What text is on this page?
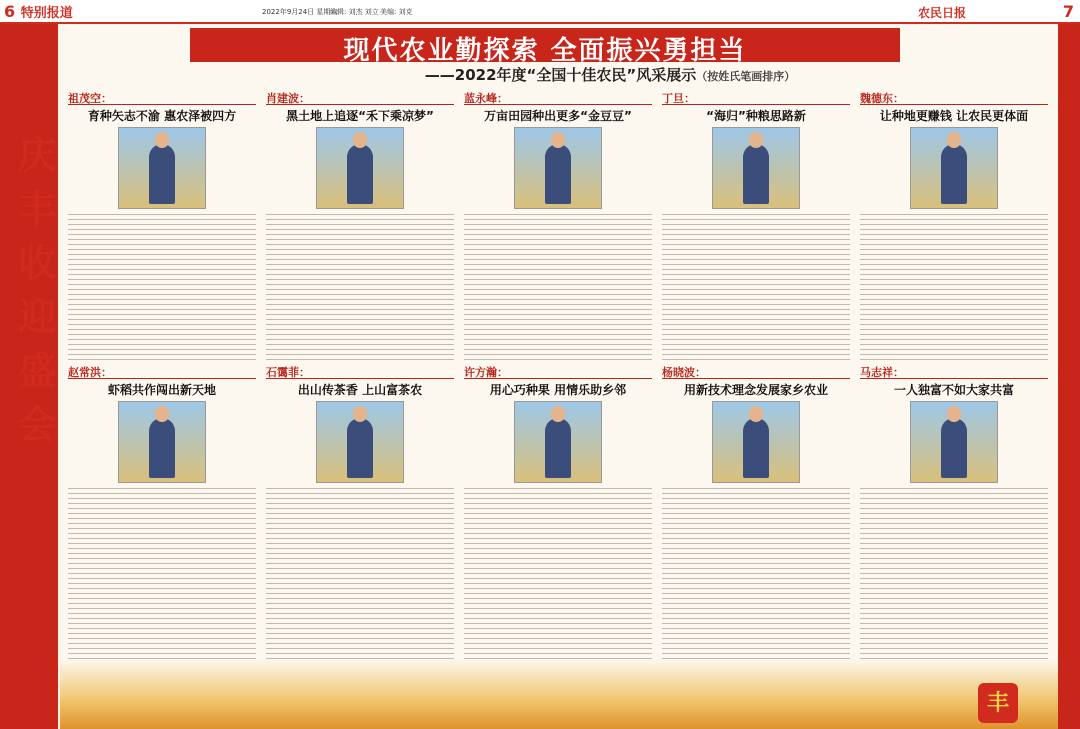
6 特别报道	2022年9月24日 星期六
编辑: 刘杰 刘立 美编: 刘克	农民日报	7
庆丰收迎盛会
现代农业勤探索 全面振兴勇担当
——2022年度“全国十佳农民”风采展示（按姓氏笔画排序）
祖茂空：
育种矢志不渝 惠农泽被四方
肖建波：
黑土地上追逐“禾下乘凉梦”
蓝永峰：
万亩田园种出更多“金豆豆”
丁旦：
“海归”种粮思路新
魏德东：
让种地更赚钱 让农民更体面
赵常洪：
虾稻共作闯出新天地
石霭菲：
出山传茶香 上山富茶农
许方瀚：
用心巧种果 用情乐助乡邻
杨晓波：
用新技术理念发展家乡农业
马志祥：
一人独富不如大家共富
丰
